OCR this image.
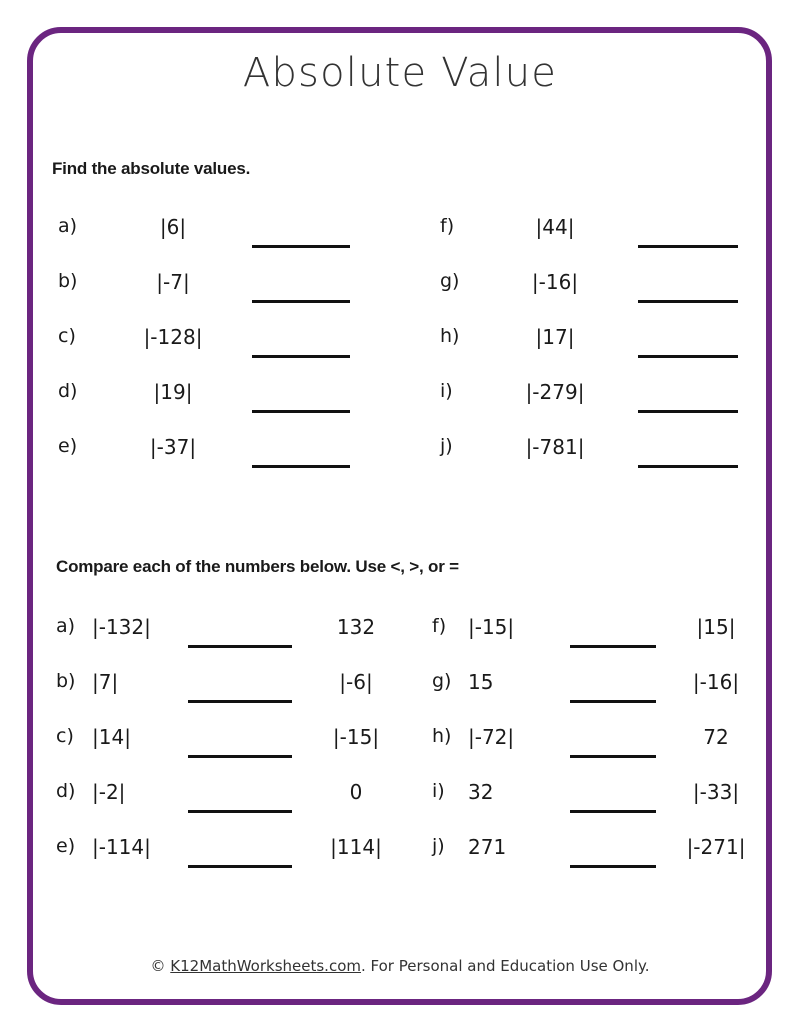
Absolute Value
Find the absolute values.
a)	|6|
b)	|-7|
c)	|-128|
d)	|19|
e)	|-37|
f)	|44|
g)	|-16|
h)	|17|
i)	|-279|
j)	|-781|
Compare each of the numbers below. Use <, >, or =
a) |-132|	132
b) |7|	|-6|
c) |14|	|-15|
d) |-2|	0
e) |-114|	|114|
f) |-15|	|15|
g) 15	|-16|
h) |-72|	72
i) 32	|-33|
j) 271	|-271|
© K12MathWorksheets.com. For Personal and Education Use Only.
